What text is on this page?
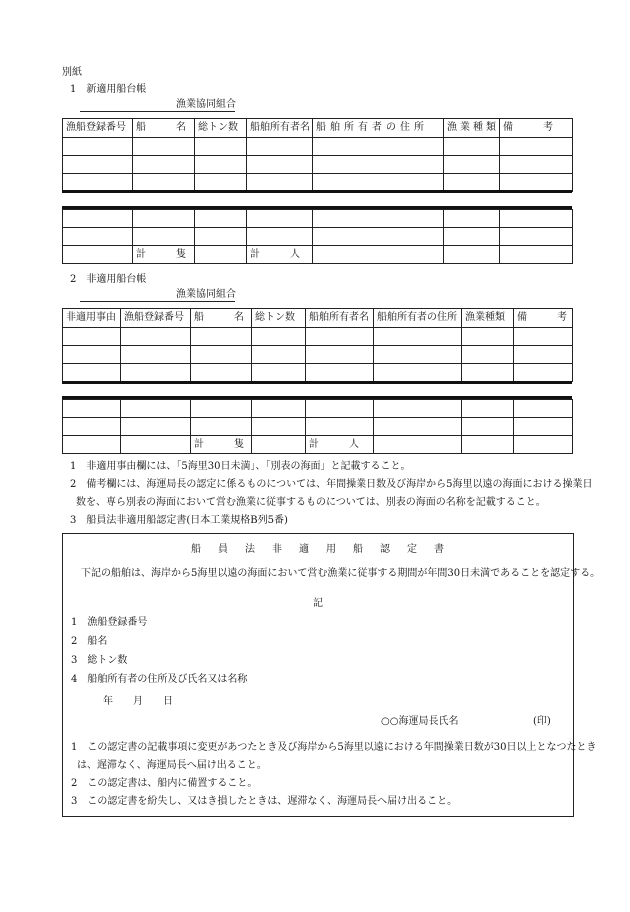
別紙
1　新適用船台帳
漁業協同組合
漁船登録番号	船　　　名	総トン数	船舶所有者名	船舶所有者の住所	漁業種類	備　　　考

	計　　　隻		計　　　人			
2　非適用船台帳
漁業協同組合
非適用事由	漁船登録番号	船　　　名	総トン数	船舶所有者名	船舶所有者の住所	漁業種類	備　　　考

		計　　　隻		計　　　人			
1　非適用事由欄には、「5海里30日未満」、「別表の海面」と記載すること。
2　備考欄には、海運局長の認定に係るものについては、年間操業日数及び海岸から5海里以遠の海面における操業日
数を、専ら別表の海面において営む漁業に従事するものについては、別表の海面の名称を記載すること。
3　船員法非適用船認定書(日本工業規格B列5番)
船員法非適用船認定書
下記の船舶は、海岸から5海里以遠の海面において営む漁業に従事する期間が年間30日未満であることを認定する。
記
1　漁船登録番号
2　船名
3　総トン数
4　船舶所有者の住所及び氏名又は名称
年　　月　　日
○○海運局長氏名	(印)
1　この認定書の記載事項に変更があつたとき及び海岸から5海里以遠における年間操業日数が30日以上となつたとき
は、遅滞なく、海運局長へ届け出ること。
2　この認定書は、船内に備置すること。
3　この認定書を紛失し、又はき損したときは、遅滞なく、海運局長へ届け出ること。
